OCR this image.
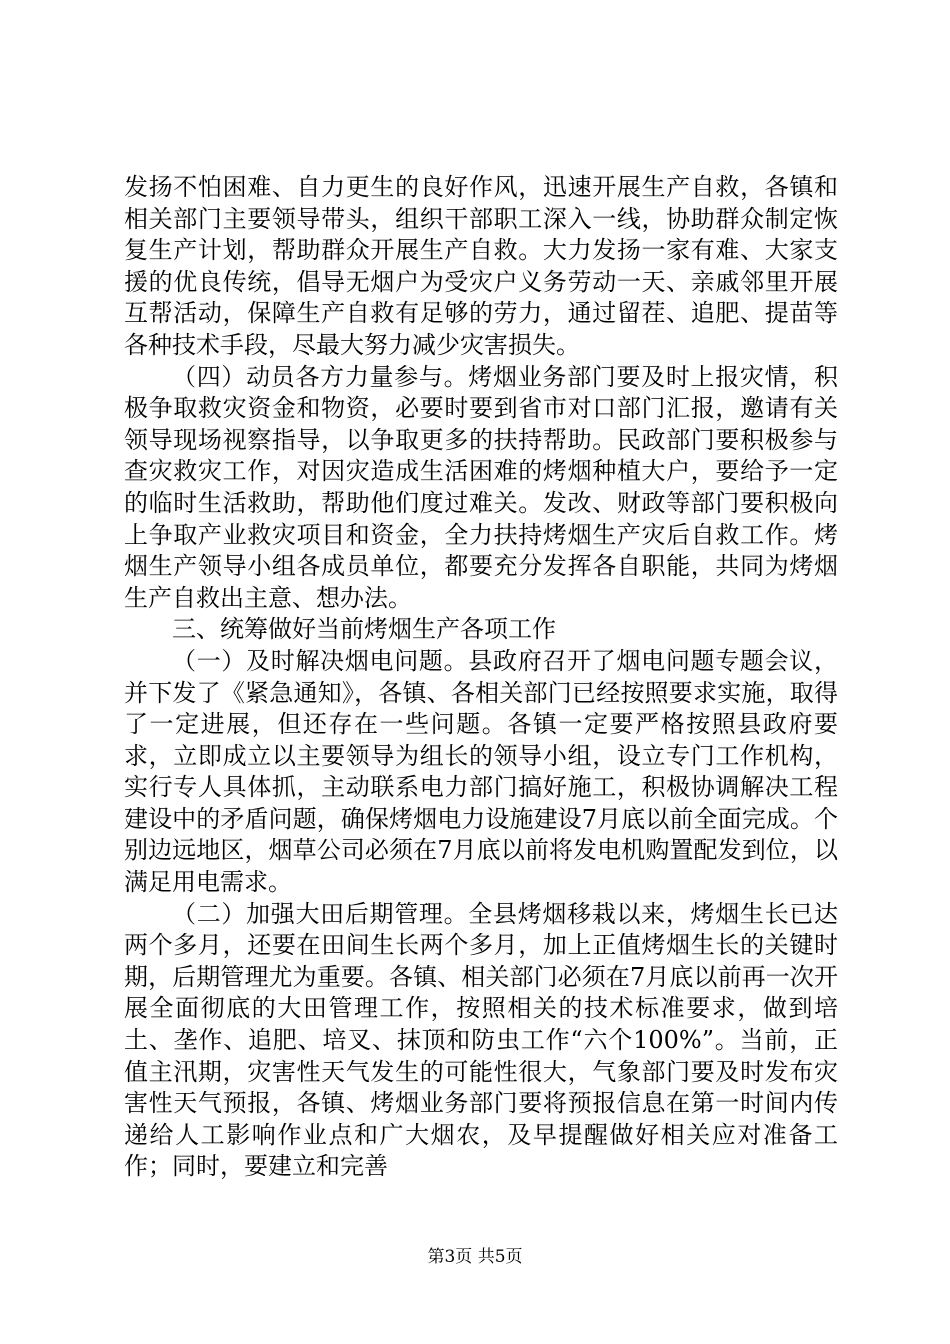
发扬不怕困难、自力更生的良好作风，迅速开展生产自救，各镇和相关部门主要领导带头，组织干部职工深入一线，协助群众制定恢复生产计划，帮助群众开展生产自救。大力发扬一家有难、大家支援的优良传统，倡导无烟户为受灾户义务劳动一天、亲戚邻里开展互帮活动，保障生产自救有足够的劳力，通过留茬、追肥、提苗等各种技术手段，尽最大努力减少灾害损失。

（四）动员各方力量参与。烤烟业务部门要及时上报灾情，积极争取救灾资金和物资，必要时要到省市对口部门汇报，邀请有关领导现场视察指导，以争取更多的扶持帮助。民政部门要积极参与查灾救灾工作，对因灾造成生活困难的烤烟种植大户，要给予一定的临时生活救助，帮助他们度过难关。发改、财政等部门要积极向上争取产业救灾项目和资金，全力扶持烤烟生产灾后自救工作。烤烟生产领导小组各成员单位，都要充分发挥各自职能，共同为烤烟生产自救出主意、想办法。

三、统筹做好当前烤烟生产各项工作

（一）及时解决烟电问题。县政府召开了烟电问题专题会议，并下发了《紧急通知》，各镇、各相关部门已经按照要求实施，取得了一定进展，但还存在一些问题。各镇一定要严格按照县政府要求，立即成立以主要领导为组长的领导小组，设立专门工作机构，实行专人具体抓，主动联系电力部门搞好施工，积极协调解决工程建设中的矛盾问题，确保烤烟电力设施建设7月底以前全面完成。个别边远地区，烟草公司必须在7月底以前将发电机购置配发到位，以满足用电需求。

（二）加强大田后期管理。全县烤烟移栽以来，烤烟生长已达两个多月，还要在田间生长两个多月，加上正值烤烟生长的关键时期，后期管理尤为重要。各镇、相关部门必须在7月底以前再一次开展全面彻底的大田管理工作，按照相关的技术标准要求，做到培土、垄作、追肥、培叉、抹顶和防虫工作“六个100%”。当前，正值主汛期，灾害性天气发生的可能性很大，气象部门要及时发布灾害性天气预报，各镇、烤烟业务部门要将预报信息在第一时间内传递给人工影响作业点和广大烟农，及早提醒做好相关应对准备工作；同时，要建立和完善

第3页 共5页
